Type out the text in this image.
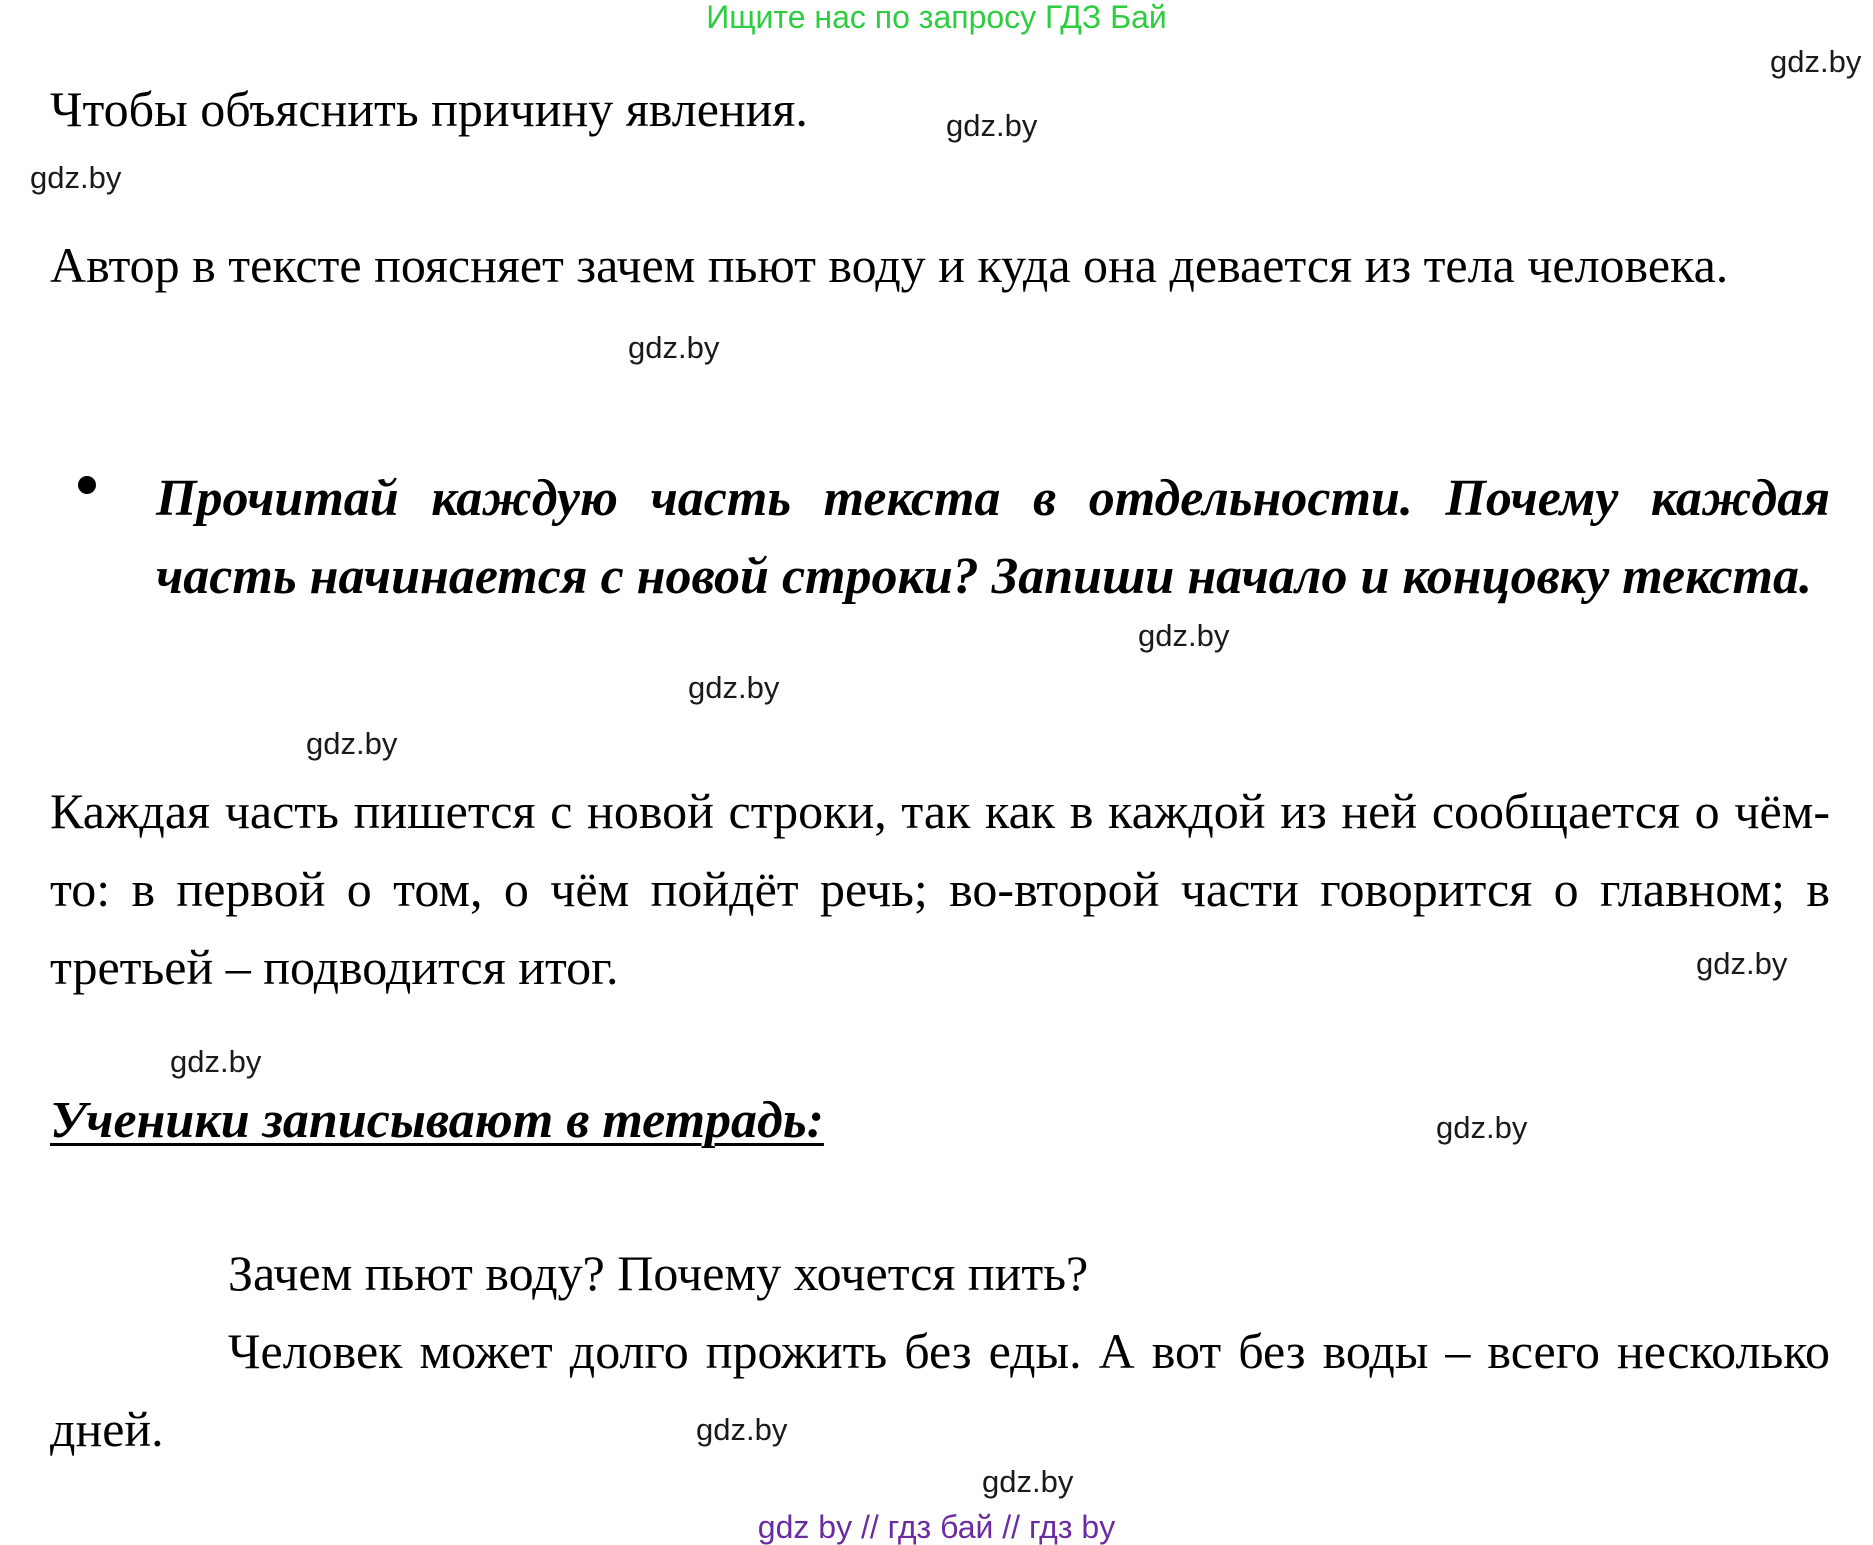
Ищите нас по запросу ГДЗ Бай
gdz.by
Чтобы объяснить причину явления.	gdz.by
gdz.by
Автор в тексте поясняет зачем пьют воду и куда она девается из тела человека.
gdz.by
Прочитай каждую часть текста в отдельности. Почему каждая часть начинается с новой строки? Запиши начало и концовку текста.
gdz.by
gdz.by
gdz.by
Каждая часть пишется с новой строки, так как в каждой из ней сообщается о чём-то: в первой о том, о чём пойдёт речь; во-второй части говорится о главном; в третьей – подводится итог.	gdz.by
gdz.by
Ученики записывают в тетрадь:	gdz.by
Зачем пьют воду? Почему хочется пить?
Человек может долго прожить без еды. А вот без воды – всего несколько дней.	gdz.by
gdz.by
gdz by // гдз бай // гдз by
